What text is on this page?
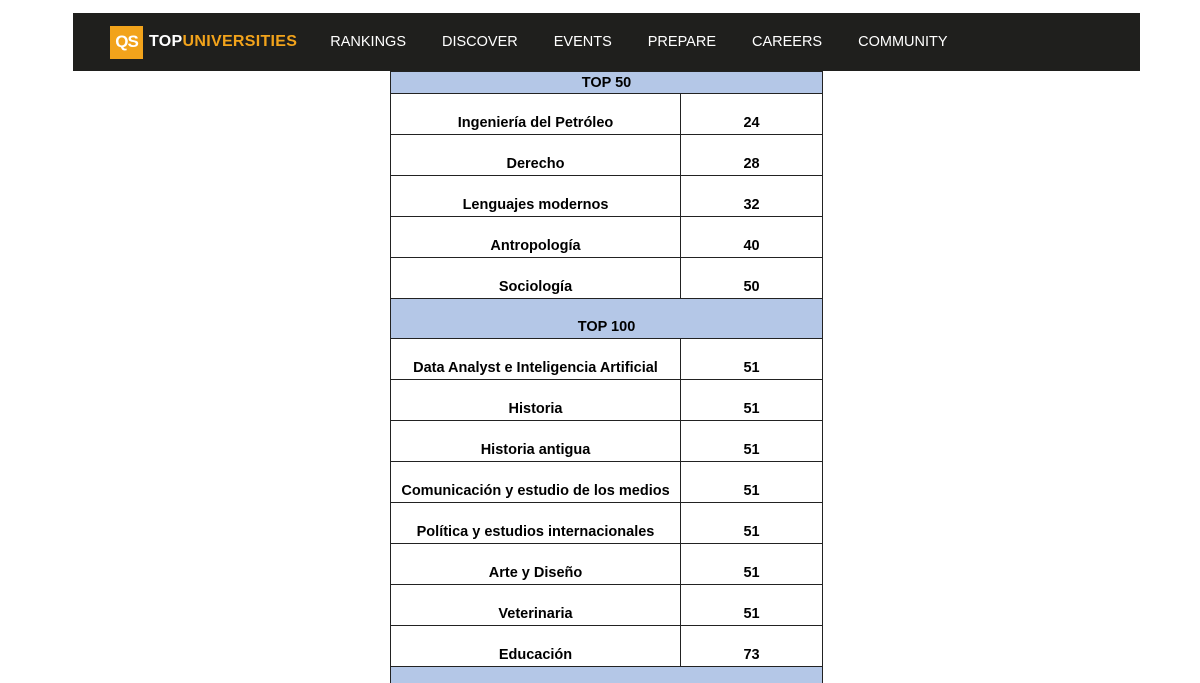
QS TOPUNIVERSITIES RANKINGS DISCOVER EVENTS PREPARE CAREERS COMMUNITY
TOP 50	
Ingeniería del Petróleo	24
Derecho	28
Lenguajes modernos	32
Antropología	40
Sociología	50
TOP 100	
Data Analyst e Inteligencia Artificial	51
Historia	51
Historia antigua	51
Comunicación y estudio de los medios	51
Política y estudios internacionales	51
Arte y Diseño	51
Veterinaria	51
Educación	73
